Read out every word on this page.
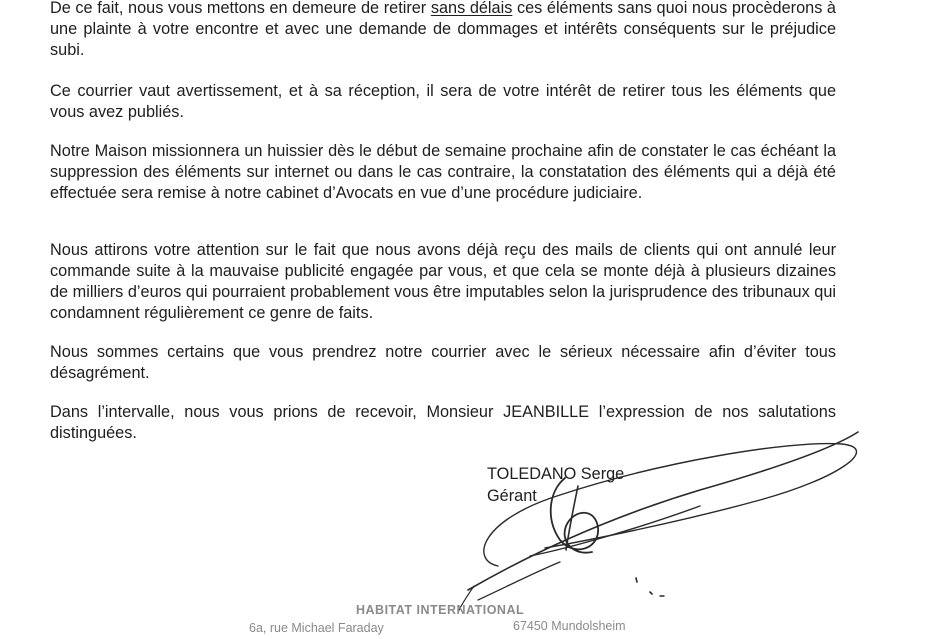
De ce fait, nous vous mettons en demeure de retirer sans délais ces éléments sans quoi nous procèderons à une plainte à votre encontre et avec une demande de dommages et intérêts conséquents sur le préjudice subi.

Ce courrier vaut avertissement, et à sa réception, il sera de votre intérêt de retirer tous les éléments que vous avez publiés.

Notre Maison missionnera un huissier dès le début de semaine prochaine afin de constater le cas échéant la suppression des éléments sur internet ou dans le cas contraire, la constatation des éléments qui a déjà été effectuée sera remise à notre cabinet d’Avocats en vue d’une procédure judiciaire.

Nous attirons votre attention sur le fait que nous avons déjà reçu des mails de clients qui ont annulé leur commande suite à la mauvaise publicité engagée par vous, et que cela se monte déjà à plusieurs dizaines de milliers d’euros qui pourraient probablement vous être imputables selon la jurisprudence des tribunaux qui condamnent régulièrement ce genre de faits.

Nous sommes certains que vous prendrez notre courrier avec le sérieux nécessaire afin d’éviter tous désagrément.

Dans l’intervalle, nous vous prions de recevoir, Monsieur JEANBILLE l’expression de nos salutations distinguées.

TOLEDANO Serge

Gérant

HABITAT INTERNATIONAL

6a, rue Michael Faraday	67450 Mundolsheim
